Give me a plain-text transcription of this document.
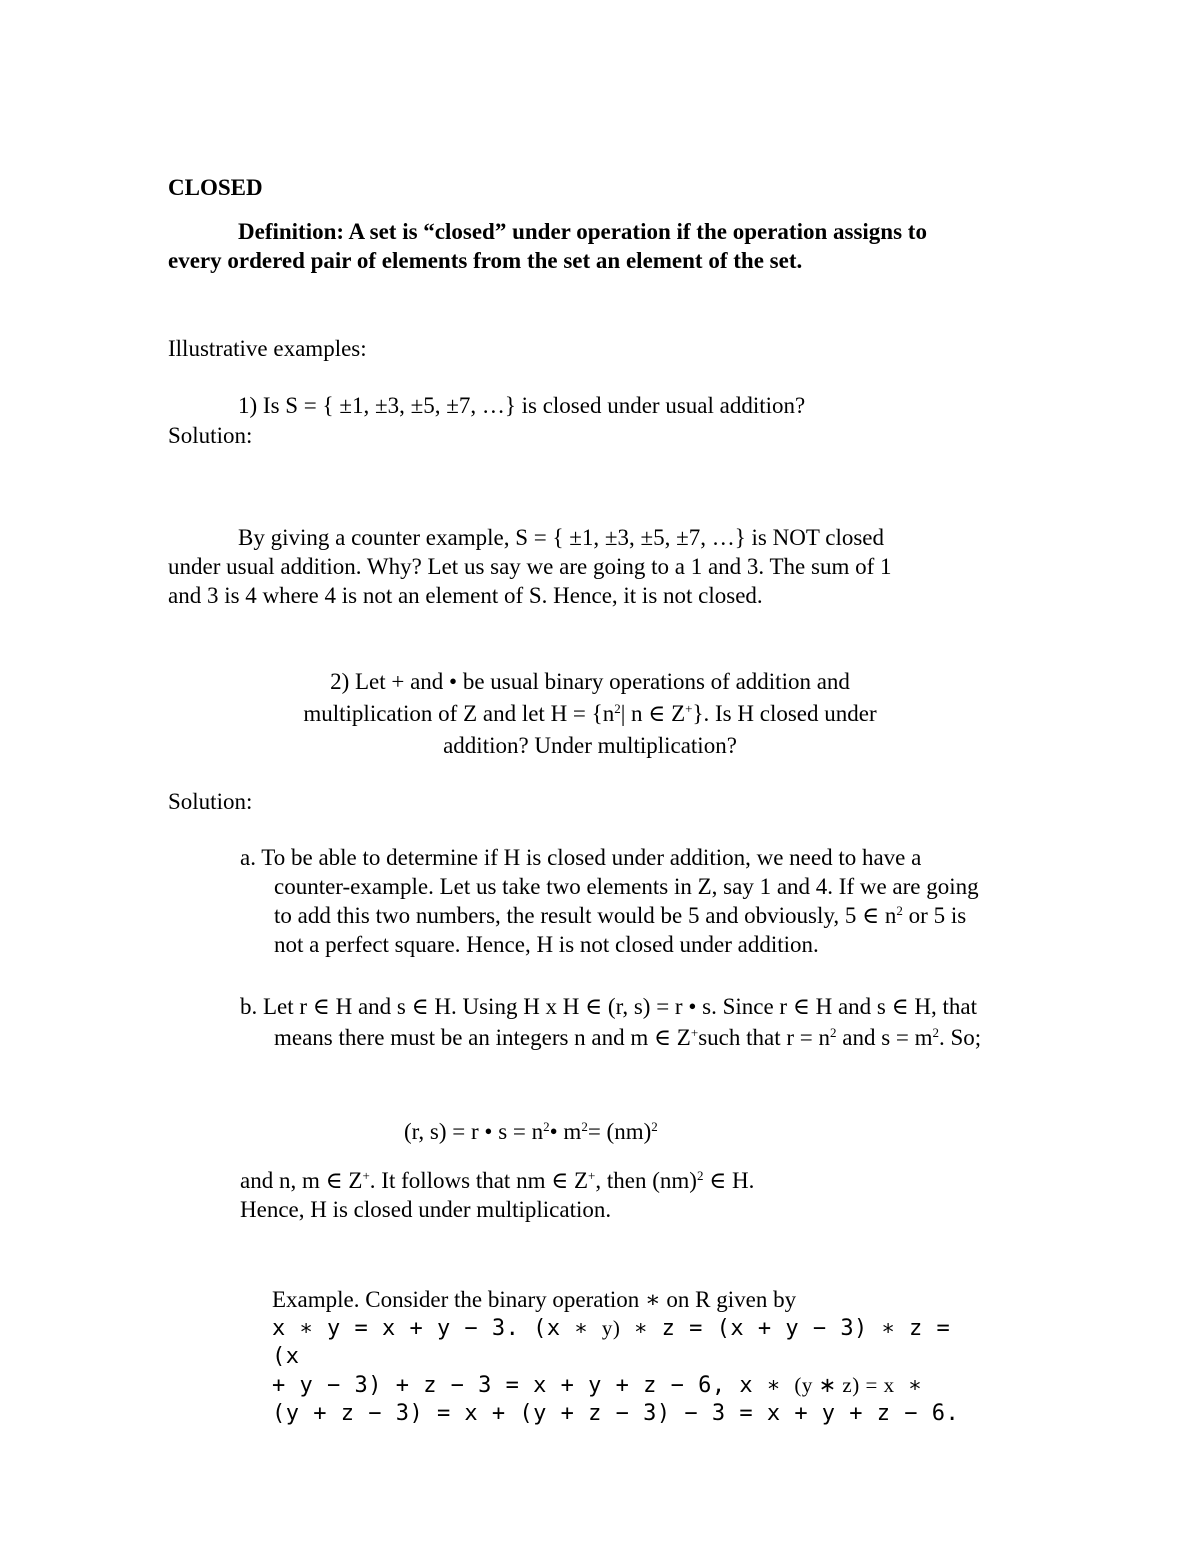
CLOSED
Definition: A set is “closed” under operation if the operation assigns to every ordered pair of elements from the set an element of the set.
Illustrative examples:
1) Is S = { ±1, ±3, ±5, ±7, …} is closed under usual addition?
Solution:
By giving a counter example, S = { ±1, ±3, ±5, ±7, …} is NOT closed under usual addition. Why? Let us say we are going to a 1 and 3. The sum of 1 and 3 is 4 where 4 is not an element of S. Hence, it is not closed.
2) Let + and • be usual binary operations of addition and
multiplication of Z and let $H = \{n^2|$ n ∈ Z+}. Is H closed under
addition? Under multiplication?
Solution:
a. To be able to determine if H is closed under addition, we need to have a counter-example. Let us take two elements in Z, say 1 and 4. If we are going to add this two numbers, the result would be 5 and obviously, 5 ∈ $n^2$ or 5 is not a perfect square. Hence, H is not closed under addition.
b. Let r ∈ H and s ∈ H. Using H x H ∈ (r, s) = r • s. Since r ∈ H and s ∈ H, that means there must be an integers n and m ∈ Z+such that $r = n^2$ and $s = m^2$. So;
(r, s) = r • $s = n^2•$ $m^2= (nm)^2$
and n, m ∈ Z+. It follows that nm ∈ Z+, then (nm)$^2$ ∈ H.
Hence, H is closed under multiplication.
Example. Consider the binary operation ∗ on R given by
x ∗ y = x + y − 3. (x ∗ y) ∗ z = (x + y − 3) ∗ z = (x
+ y − 3) + z − 3 = x + y + z − 6, x ∗ (y ∗ z) = x ∗
(y + z − 3) = x + (y + z − 3) − 3 = x + y + z − 6.
